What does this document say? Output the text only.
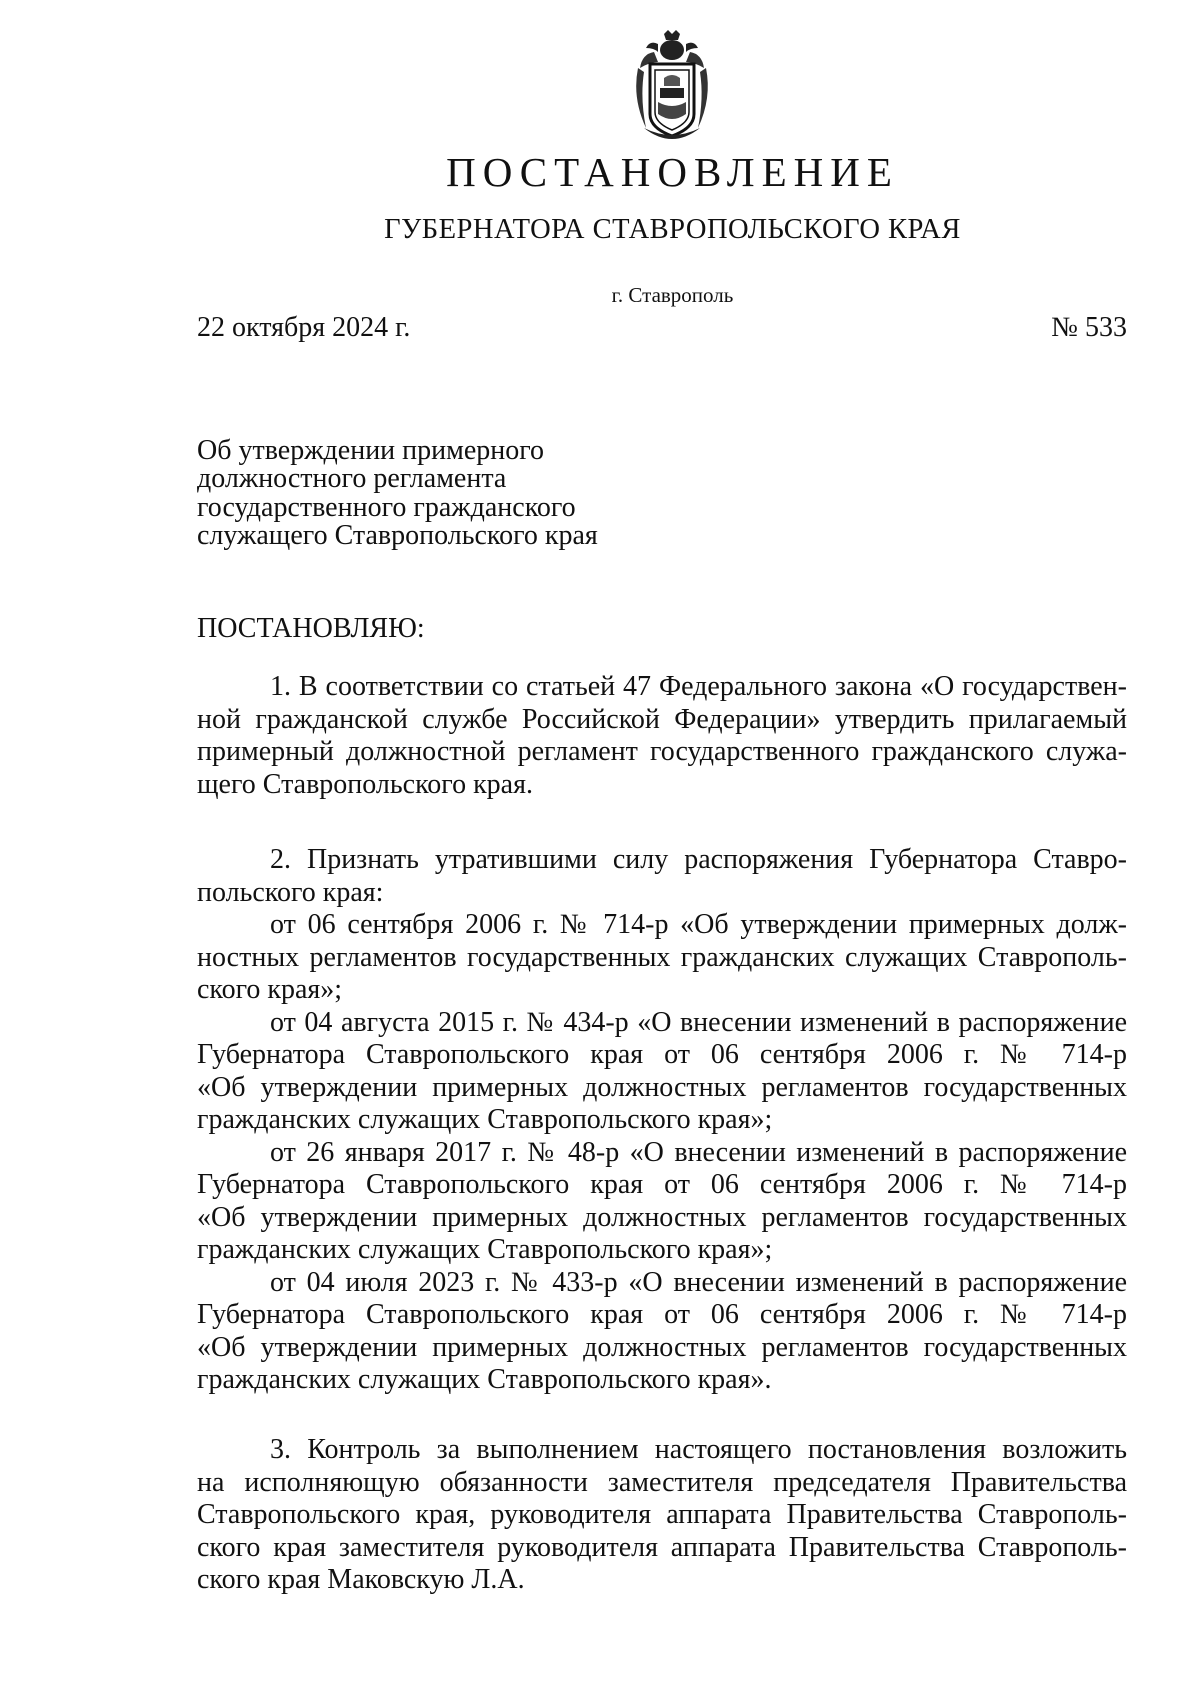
ПОСТАНОВЛЕНИЕ
ГУБЕРНАТОРА СТАВРОПОЛЬСКОГО КРАЯ
г. Ставрополь
22 октября 2024 г.	№ 533
Об утверждении примерного
должностного регламента
государственного гражданского
служащего Ставропольского края
ПОСТАНОВЛЯЮ:
1. В соответствии со статьей 47 Федерального закона «О государствен-
ной гражданской службе Российской Федерации» утвердить прилагаемый
примерный должностной регламент государственного гражданского служа-
щего Ставропольского края.
2. Признать утратившими силу распоряжения Губернатора Ставро-
польского края:
от 06 сентября 2006 г. № 714-р «Об утверждении примерных долж-
ностных регламентов государственных гражданских служащих Ставрополь-
ского края»;
от 04 августа 2015 г. № 434-р «О внесении изменений в распоряжение
Губернатора Ставропольского края от 06 сентября 2006 г. № 714-р
«Об утверждении примерных должностных регламентов государственных
гражданских служащих Ставропольского края»;
от 26 января 2017 г. № 48-р «О внесении изменений в распоряжение
Губернатора Ставропольского края от 06 сентября 2006 г. № 714-р
«Об утверждении примерных должностных регламентов государственных
гражданских служащих Ставропольского края»;
от 04 июля 2023 г. № 433-р «О внесении изменений в распоряжение
Губернатора Ставропольского края от 06 сентября 2006 г. № 714-р
«Об утверждении примерных должностных регламентов государственных
гражданских служащих Ставропольского края».
3. Контроль за выполнением настоящего постановления возложить
на исполняющую обязанности заместителя председателя Правительства
Ставропольского края, руководителя аппарата Правительства Ставрополь-
ского края заместителя руководителя аппарата Правительства Ставрополь-
ского края Маковскую Л.А.
